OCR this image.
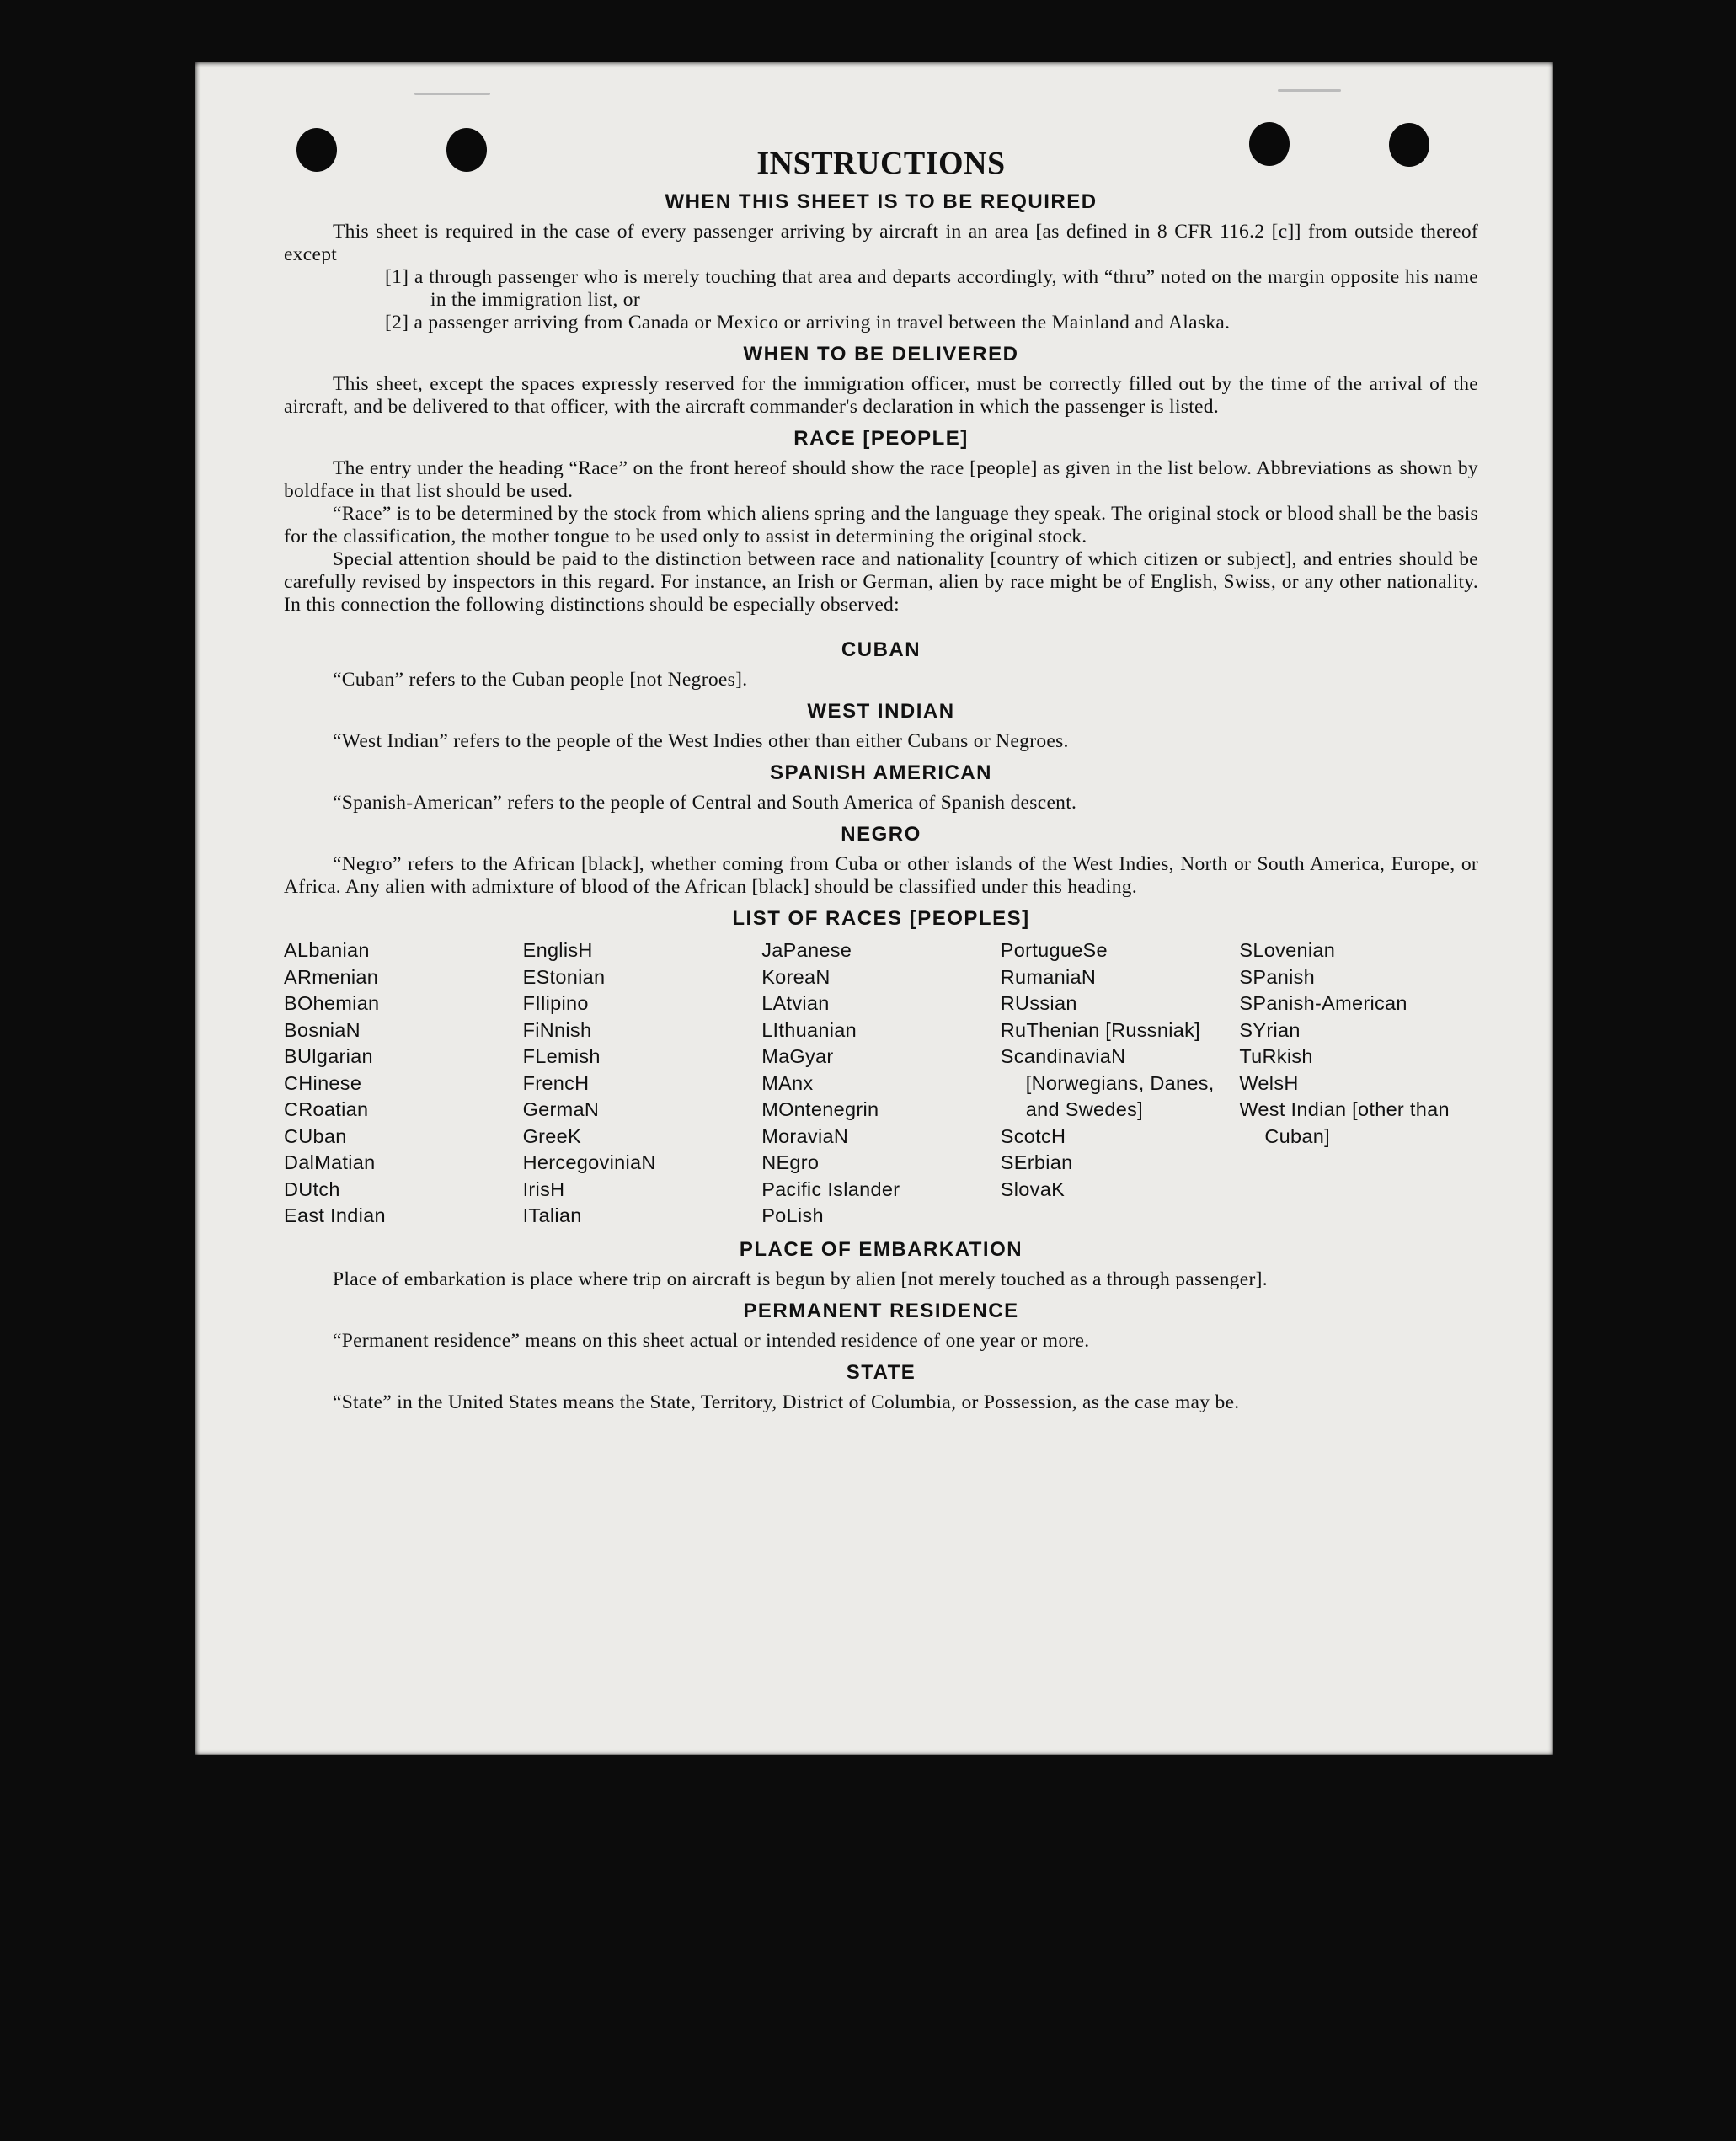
INSTRUCTIONS
WHEN THIS SHEET IS TO BE REQUIRED

This sheet is required in the case of every passenger arriving by aircraft in an area [as defined in 8 CFR 116.2 [c]] from outside thereof except

[1] a through passenger who is merely touching that area and departs accordingly, with “thru” noted on the margin opposite his name in the immigration list, or

[2] a passenger arriving from Canada or Mexico or arriving in travel between the Mainland and Alaska.

WHEN TO BE DELIVERED

This sheet, except the spaces expressly reserved for the immigration officer, must be correctly filled out by the time of the arrival of the aircraft, and be delivered to that officer, with the aircraft commander's declaration in which the passenger is listed.

RACE [PEOPLE]

The entry under the heading “Race” on the front hereof should show the race [people] as given in the list below. Abbreviations as shown by boldface in that list should be used.

“Race” is to be determined by the stock from which aliens spring and the language they speak. The original stock or blood shall be the basis for the classification, the mother tongue to be used only to assist in determining the original stock.

Special attention should be paid to the distinction between race and nationality [country of which citizen or subject], and entries should be carefully revised by inspectors in this regard. For instance, an Irish or German, alien by race might be of English, Swiss, or any other nationality. In this connection the following distinctions should be especially observed:

CUBAN

“Cuban” refers to the Cuban people [not Negroes].

WEST INDIAN

“West Indian” refers to the people of the West Indies other than either Cubans or Negroes.

SPANISH AMERICAN

“Spanish-American” refers to the people of Central and South America of Spanish descent.

NEGRO

“Negro” refers to the African [black], whether coming from Cuba or other islands of the West Indies, North or South America, Europe, or Africa. Any alien with admixture of blood of the African [black] should be classified under this heading.

LIST OF RACES [PEOPLES]
ALbanian
ARmenian
BOhemian
BosniaN
BUlgarian
CHinese
CRoatian
CUban
DalMatian
DUtch
East Indian
EnglisH
EStonian
FIlipino
FiNnish
FLemish
FrencH
GermaN
GreeK
HercegoviniaN
IrisH
ITalian
JaPanese
KoreaN
LAtvian
LIthuanian
MaGyar
MAnx
MOntenegrin
MoraviaN
NEgro
Pacific Islander
PoLish
PortugueSe
RumaniaN
RUssian
RuThenian [Russniak]
ScandinaviaN [Norwegians, Danes, and Swedes]
ScotcH
SErbian
SlovaK
SLovenian
SPanish
SPanish-American
SYrian
TuRkish
WelsH
West Indian [other than Cuban]
PLACE OF EMBARKATION

Place of embarkation is place where trip on aircraft is begun by alien [not merely touched as a through passenger].

PERMANENT RESIDENCE

“Permanent residence” means on this sheet actual or intended residence of one year or more.

STATE

“State” in the United States means the State, Territory, District of Columbia, or Possession, as the case may be.
